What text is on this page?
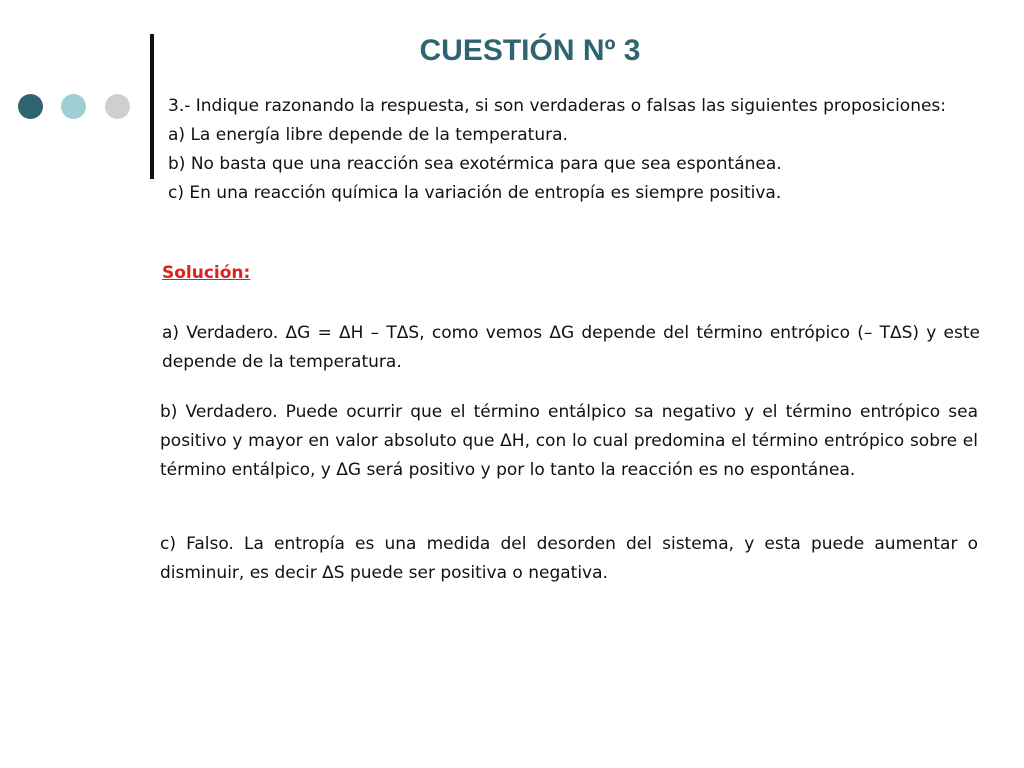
CUESTIÓN Nº 3

3.- Indique razonando la respuesta, si son verdaderas o falsas las siguientes proposiciones:

a) La energía libre depende de la temperatura.

b) No basta que una reacción sea exotérmica para que sea espontánea.

c) En una reacción química la variación de entropía es siempre positiva.

Solución:

a) Verdadero. ΔG = ΔH – TΔS, como vemos ΔG depende del término entrópico (– TΔS) y este depende de la temperatura.

b) Verdadero. Puede ocurrir que el término entálpico sa negativo y el término entrópico sea positivo y mayor en valor absoluto que ΔH, con lo cual predomina el término entrópico sobre el término entálpico, y ΔG será positivo y por lo tanto la reacción es no espontánea.

c) Falso. La entropía es una medida del desorden del sistema, y esta puede aumentar o disminuir, es decir ΔS puede ser positiva o negativa.
